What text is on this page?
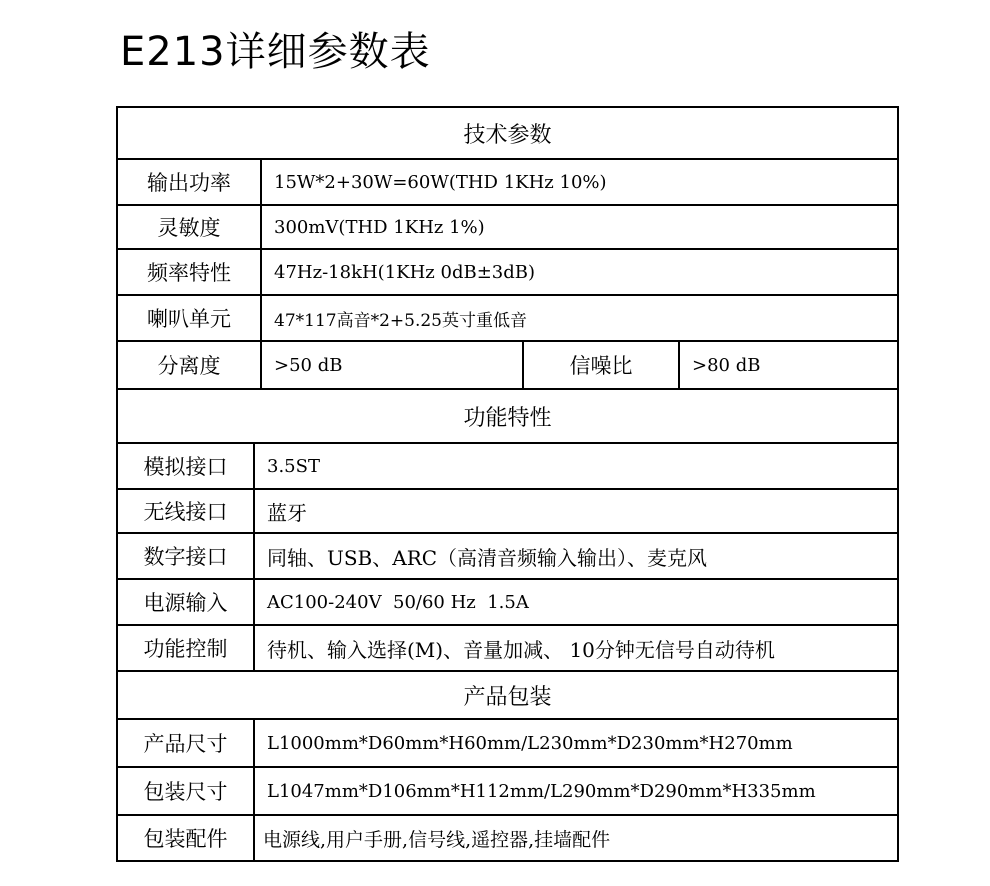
E213详细参数表
技术参数
输出功率	15W*2+30W=60W(THD 1KHz 10%)
灵敏度	300mV(THD 1KHz 1%)
频率特性	47Hz-18kH(1KHz 0dB±3dB)
喇叭单元	47*117高音*2+5.25英寸重低音
分离度	>50 dB	信噪比	>80 dB
功能特性
模拟接口	3.5ST
无线接口	蓝牙
数字接口	同轴、USB、ARC（高清音频输入输出）、麦克风
电源输入	AC100-240V  50/60 Hz  1.5A
功能控制	待机、输入选择(M)、音量加减、 10分钟无信号自动待机
产品包装
产品尺寸	L1000mm*D60mm*H60mm/L230mm*D230mm*H270mm
包装尺寸	L1047mm*D106mm*H112mm/L290mm*D290mm*H335mm
包装配件	电源线,用户手册,信号线,遥控器,挂墙配件
